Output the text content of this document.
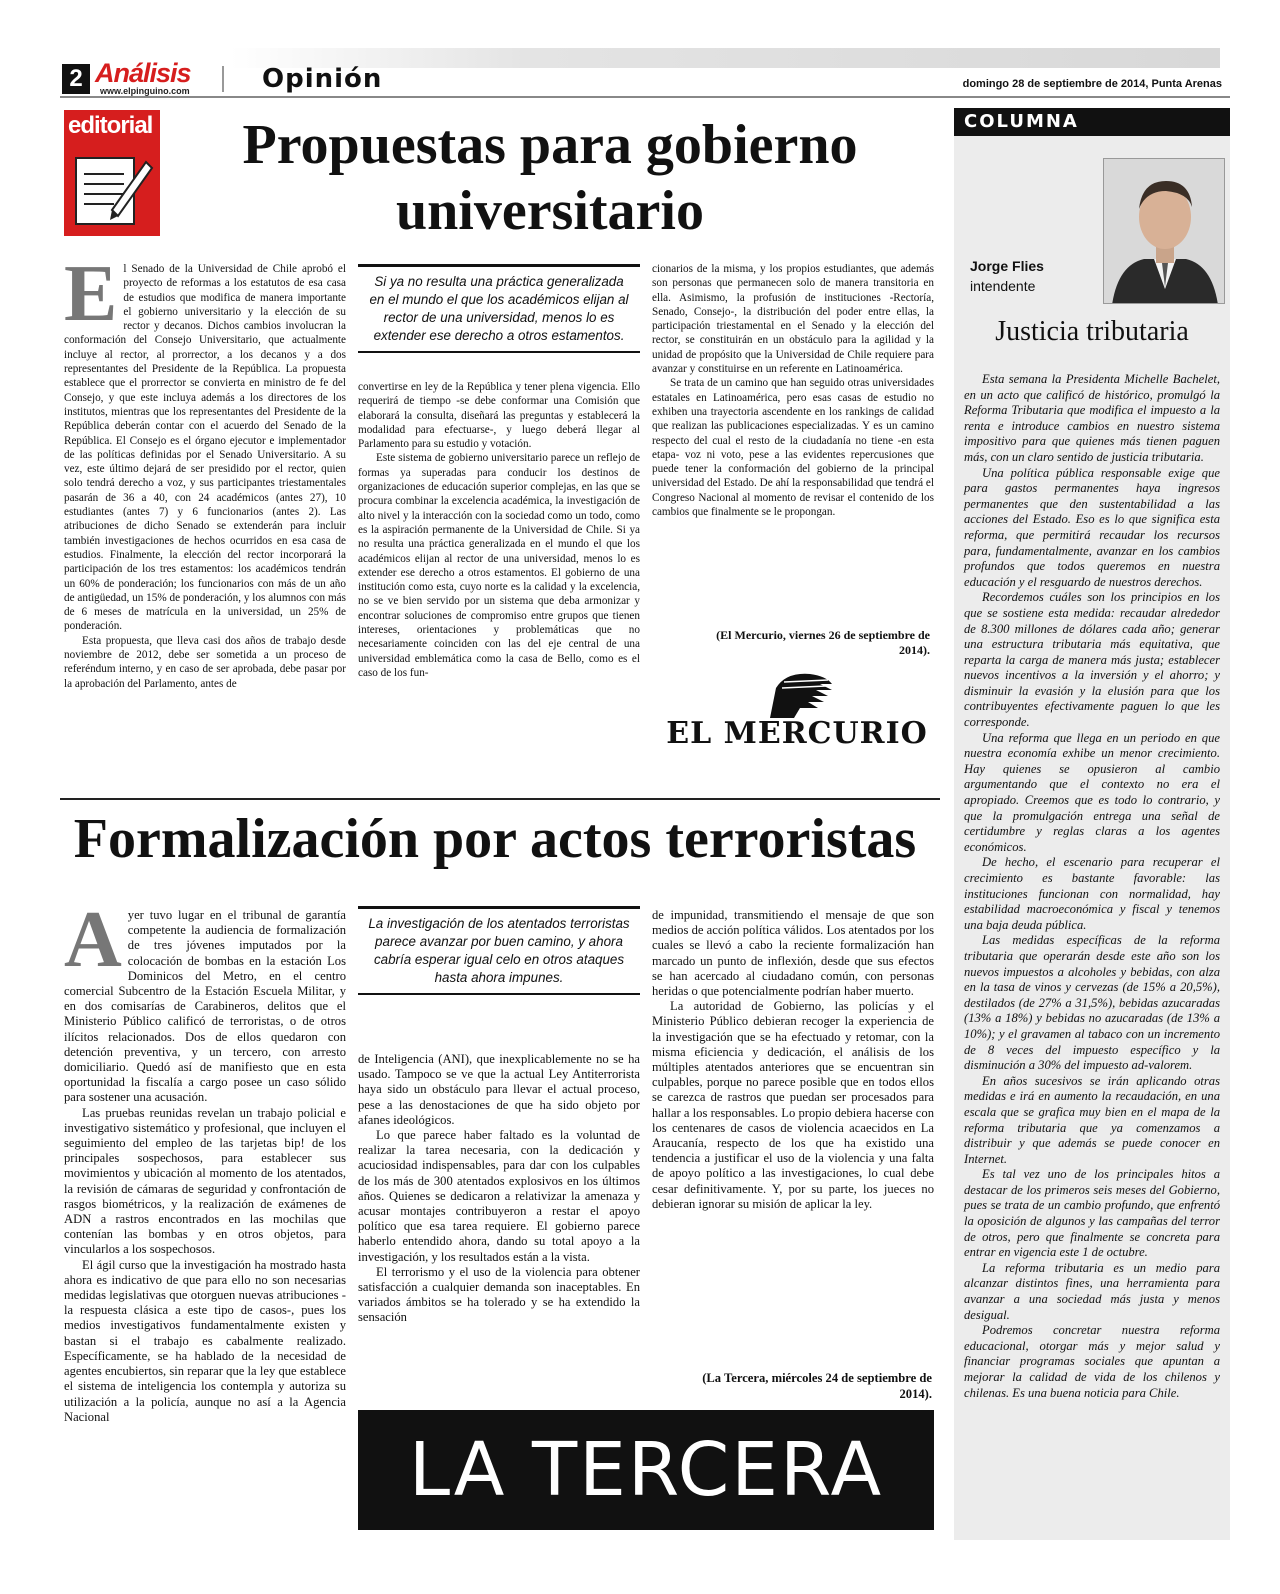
2 Análisis
www.elpinguino.com	Opinión	domingo 28 de septiembre de 2014, Punta Arenas
editorial	Propuestas para gobierno universitario

El Senado de la Universidad de Chile aprobó el proyecto de reformas a los estatutos de esa casa de estudios que modifica de manera importante el gobierno universitario y la elección de su rector y decanos. Dichos cambios involucran la conformación del Consejo Universitario, que actualmente incluye al rector, al prorrector, a los decanos y a dos representantes del Presidente de la República. La propuesta establece que el prorrector se convierta en ministro de fe del Consejo, y que este incluya además a los directores de los institutos, mientras que los representantes del Presidente de la República deberán contar con el acuerdo del Senado de la República. El Consejo es el órgano ejecutor e implementador de las políticas definidas por el Senado Universitario. A su vez, este último dejará de ser presidido por el rector, quien solo tendrá derecho a voz, y sus participantes triestamentales pasarán de 36 a 40, con 24 académicos (antes 27), 10 estudiantes (antes 7) y 6 funcionarios (antes 2). Las atribuciones de dicho Senado se extenderán para incluir también investigaciones de hechos ocurridos en esa casa de estudios. Finalmente, la elección del rector incorporará la participación de los tres estamentos: los académicos tendrán un 60% de ponderación; los funcionarios con más de un año de antigüedad, un 15% de ponderación, y los alumnos con más de 6 meses de matrícula en la universidad, un 25% de ponderación.

Esta propuesta, que lleva casi dos años de trabajo desde noviembre de 2012, debe ser sometida a un proceso de referéndum interno, y en caso de ser aprobada, debe pasar por la aprobación del Parlamento, antes de

Si ya no resulta una práctica generalizada en el mundo el que los académicos elijan al rector de una universidad, menos lo es extender ese derecho a otros estamentos.

convertirse en ley de la República y tener plena vigencia. Ello requerirá de tiempo -se debe conformar una Comisión que elaborará la consulta, diseñará las preguntas y establecerá la modalidad para efectuarse-, y luego deberá llegar al Parlamento para su estudio y votación.

Este sistema de gobierno universitario parece un reflejo de formas ya superadas para conducir los destinos de organizaciones de educación superior complejas, en las que se procura combinar la excelencia académica, la investigación de alto nivel y la interacción con la sociedad como un todo, como es la aspiración permanente de la Universidad de Chile. Si ya no resulta una práctica generalizada en el mundo el que los académicos elijan al rector de una universidad, menos lo es extender ese derecho a otros estamentos. El gobierno de una institución como esta, cuyo norte es la calidad y la excelencia, no se ve bien servido por un sistema que deba armonizar y encontrar soluciones de compromiso entre grupos que tienen intereses, orientaciones y problemáticas que no necesariamente coinciden con las del eje central de una universidad emblemática como la casa de Bello, como es el caso de los fun-

cionarios de la misma, y los propios estudiantes, que además son personas que permanecen solo de manera transitoria en ella. Asimismo, la profusión de instituciones -Rectoría, Senado, Consejo-, la distribución del poder entre ellas, la participación triestamental en el Senado y la elección del rector, se constituirán en un obstáculo para la agilidad y la unidad de propósito que la Universidad de Chile requiere para avanzar y constituirse en un referente en Latinoamérica.

Se trata de un camino que han seguido otras universidades estatales en Latinoamérica, pero esas casas de estudio no exhiben una trayectoria ascendente en los rankings de calidad que realizan las publicaciones especializadas. Y es un camino respecto del cual el resto de la ciudadanía no tiene -en esta etapa- voz ni voto, pese a las evidentes repercusiones que puede tener la conformación del gobierno de la principal universidad del Estado. De ahí la responsabilidad que tendrá el Congreso Nacional al momento de revisar el contenido de los cambios que finalmente se le propongan.

(El Mercurio, viernes 26 de septiembre de 2014).
EL MERCURIO
Formalización por actos terroristas

Ayer tuvo lugar en el tribunal de garantía competente la audiencia de formalización de tres jóvenes imputados por la colocación de bombas en la estación Los Dominicos del Metro, en el centro comercial Subcentro de la Estación Escuela Militar, y en dos comisarías de Carabineros, delitos que el Ministerio Público calificó de terroristas, o de otros ilícitos relacionados. Dos de ellos quedaron con detención preventiva, y un tercero, con arresto domiciliario. Quedó así de manifiesto que en esta oportunidad la fiscalía a cargo posee un caso sólido para sostener una acusación.

Las pruebas reunidas revelan un trabajo policial e investigativo sistemático y profesional, que incluyen el seguimiento del empleo de las tarjetas bip! de los principales sospechosos, para establecer sus movimientos y ubicación al momento de los atentados, la revisión de cámaras de seguridad y confrontación de rasgos biométricos, y la realización de exámenes de ADN a rastros encontrados en las mochilas que contenían las bombas y en otros objetos, para vincularlos a los sospechosos.

El ágil curso que la investigación ha mostrado hasta ahora es indicativo de que para ello no son necesarias medidas legislativas que otorguen nuevas atribuciones -la respuesta clásica a este tipo de casos-, pues los medios investigativos fundamentalmente existen y bastan si el trabajo es cabalmente realizado. Específicamente, se ha hablado de la necesidad de agentes encubiertos, sin reparar que la ley que establece el sistema de inteligencia los contempla y autoriza su utilización a la policía, aunque no así a la Agencia Nacional

La investigación de los atentados terroristas parece avanzar por buen camino, y ahora cabría esperar igual celo en otros ataques hasta ahora impunes.

de Inteligencia (ANI), que inexplicablemente no se ha usado. Tampoco se ve que la actual Ley Antiterrorista haya sido un obstáculo para llevar el actual proceso, pese a las denostaciones de que ha sido objeto por afanes ideológicos.

Lo que parece haber faltado es la voluntad de realizar la tarea necesaria, con la dedicación y acuciosidad indispensables, para dar con los culpables de los más de 300 atentados explosivos en los últimos años. Quienes se dedicaron a relativizar la amenaza y acusar montajes contribuyeron a restar el apoyo político que esa tarea requiere. El gobierno parece haberlo entendido ahora, dando su total apoyo a la investigación, y los resultados están a la vista.

El terrorismo y el uso de la violencia para obtener satisfacción a cualquier demanda son inaceptables. En variados ámbitos se ha tolerado y se ha extendido la sensación

de impunidad, transmitiendo el mensaje de que son medios de acción política válidos. Los atentados por los cuales se llevó a cabo la reciente formalización han marcado un punto de inflexión, desde que sus efectos se han acercado al ciudadano común, con personas heridas o que potencialmente podrían haber muerto.

La autoridad de Gobierno, las policías y el Ministerio Público debieran recoger la experiencia de la investigación que se ha efectuado y retomar, con la misma eficiencia y dedicación, el análisis de los múltiples atentados anteriores que se encuentran sin culpables, porque no parece posible que en todos ellos se carezca de rastros que puedan ser procesados para hallar a los responsables. Lo propio debiera hacerse con los centenares de casos de violencia acaecidos en La Araucanía, respecto de los que ha existido una tendencia a justificar el uso de la violencia y una falta de apoyo político a las investigaciones, lo cual debe cesar definitivamente. Y, por su parte, los jueces no debieran ignorar su misión de aplicar la ley.

(La Tercera, miércoles 24 de septiembre de 2014).
LA TERCERA
COLUMNA
Jorge Flies
intendente
Justicia tributaria

Esta semana la Presidenta Michelle Bachelet, en un acto que calificó de histórico, promulgó la Reforma Tributaria que modifica el impuesto a la renta e introduce cambios en nuestro sistema impositivo para que quienes más tienen paguen más, con un claro sentido de justicia tributaria.

Una política pública responsable exige que para gastos permanentes haya ingresos permanentes que den sustentabilidad a las acciones del Estado. Eso es lo que significa esta reforma, que permitirá recaudar los recursos para, fundamentalmente, avanzar en los cambios profundos que todos queremos en nuestra educación y el resguardo de nuestros derechos.

Recordemos cuáles son los principios en los que se sostiene esta medida: recaudar alrededor de 8.300 millones de dólares cada año; generar una estructura tributaria más equitativa, que reparta la carga de manera más justa; establecer nuevos incentivos a la inversión y el ahorro; y disminuir la evasión y la elusión para que los contribuyentes efectivamente paguen lo que les corresponde.

Una reforma que llega en un periodo en que nuestra economía exhibe un menor crecimiento. Hay quienes se opusieron al cambio argumentando que el contexto no era el apropiado. Creemos que es todo lo contrario, y que la promulgación entrega una señal de certidumbre y reglas claras a los agentes económicos.

De hecho, el escenario para recuperar el crecimiento es bastante favorable: las instituciones funcionan con normalidad, hay estabilidad macroeconómica y fiscal y tenemos una baja deuda pública.

Las medidas específicas de la reforma tributaria que operarán desde este año son los nuevos impuestos a alcoholes y bebidas, con alza en la tasa de vinos y cervezas (de 15% a 20,5%), destilados (de 27% a 31,5%), bebidas azucaradas (13% a 18%) y bebidas no azucaradas (de 13% a 10%); y el gravamen al tabaco con un incremento de 8 veces del impuesto específico y la disminución a 30% del impuesto ad-valorem.

En años sucesivos se irán aplicando otras medidas e irá en aumento la recaudación, en una escala que se grafica muy bien en el mapa de la reforma tributaria que ya comenzamos a distribuir y que además se puede conocer en Internet.

Es tal vez uno de los principales hitos a destacar de los primeros seis meses del Gobierno, pues se trata de un cambio profundo, que enfrentó la oposición de algunos y las campañas del terror de otros, pero que finalmente se concreta para entrar en vigencia este 1 de octubre.

La reforma tributaria es un medio para alcanzar distintos fines, una herramienta para avanzar a una sociedad más justa y menos desigual.

Podremos concretar nuestra reforma educacional, otorgar más y mejor salud y financiar programas sociales que apuntan a mejorar la calidad de vida de los chilenos y chilenas. Es una buena noticia para Chile.
